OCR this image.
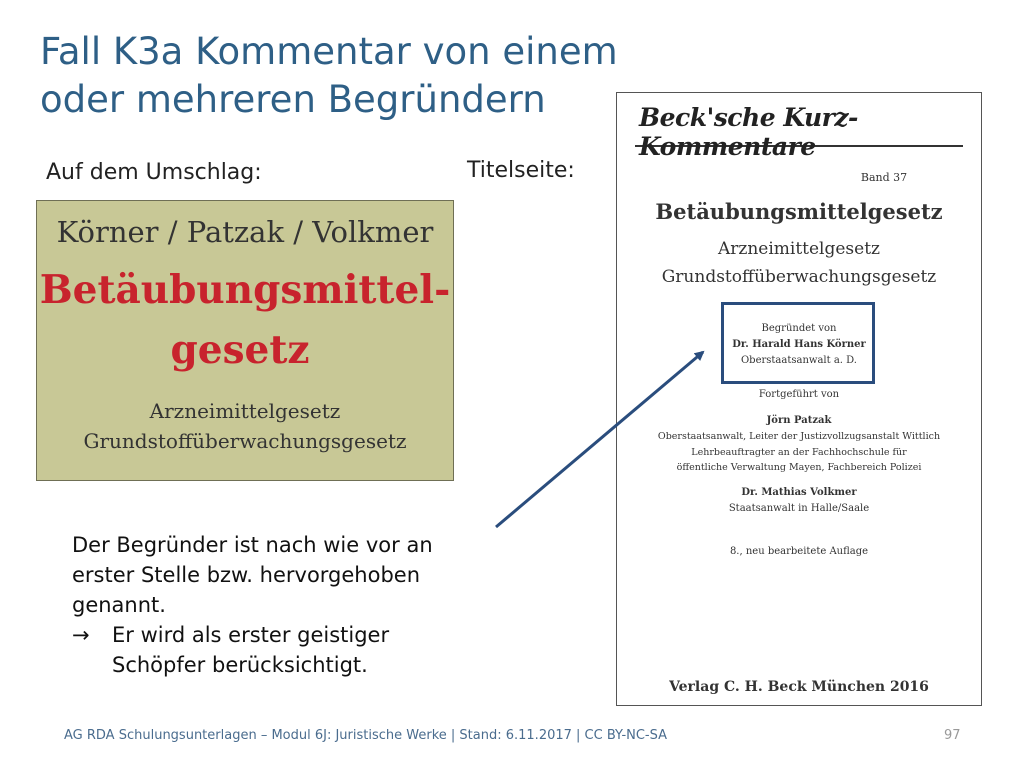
Fall K3a Kommentar von einem
oder mehreren Begründern
Auf dem Umschlag:	Titelseite:
Körner / Patzak / Volkmer
Betäubungsmittel-
gesetz
Arzneimittelgesetz
Grundstoffüberwachungsgesetz
Beck'sche Kurz-Kommentare
Band 37
Betäubungsmittelgesetz
Arzneimittelgesetz
Grundstoffüberwachungsgesetz
Begründet von
Dr. Harald Hans Körner
Oberstaatsanwalt a. D.
Fortgeführt von
Jörn Patzak
Oberstaatsanwalt, Leiter der Justizvollzugsanstalt Wittlich
Lehrbeauftragter an der Fachhochschule für
öffentliche Verwaltung Mayen, Fachbereich Polizei
Dr. Mathias Volkmer
Staatsanwalt in Halle/Saale
8., neu bearbeitete Auflage
Verlag C. H. Beck München 2016
Der Begründer ist nach wie vor an
erster Stelle bzw. hervorgehoben
genannt.
→ Er wird als erster geistiger
Schöpfer berücksichtigt.
AG RDA Schulungsunterlagen – Modul 6J: Juristische Werke | Stand: 6.11.2017 | CC BY-NC-SA	97
